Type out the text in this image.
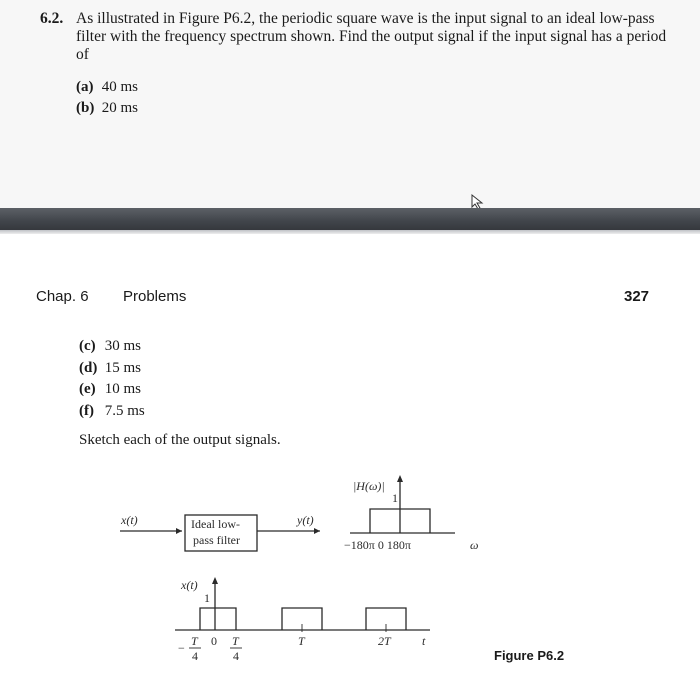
6.2. As illustrated in Figure P6.2, the periodic square wave is the input signal to an ideal low-pass filter with the frequency spectrum shown. Find the output signal if the input signal has a period of
(a) 40 ms
(b) 20 ms
Chap. 6 Problems	327
(c) 30 ms
(d) 15 ms
(e) 10 ms
(f) 7.5 ms
Sketch each of the output signals.
x(t)	Ideal low-
pass filter
y(t)
|H(ω)|
1
−180π 0 180π	ω
x(t)
1
− T
4
0 T
4
T	2T	t
Figure P6.2
